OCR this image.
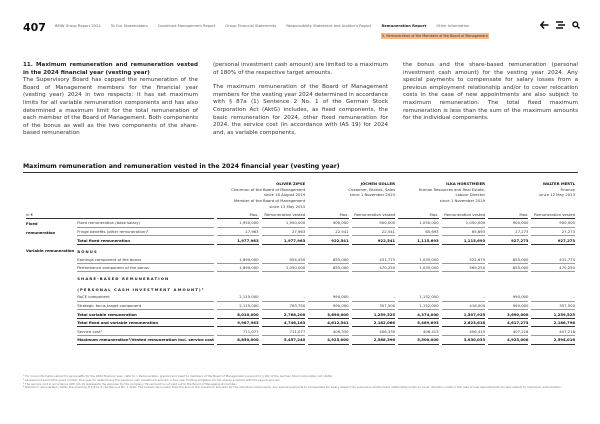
407 BMW Group Report 2024	To Our Stakeholders	Combined Management Report	Group Financial Statements	Responsibility Statement and Auditor's Report	Remuneration Report	Other Information
5. Remuneration of the Members of the Board of Management
11. Maximum remuneration and remuneration vested in the 2024 financial year (vesting year)
The Supervisory Board has capped the remuneration of the Board of Management members for the financial year (vesting year) 2024 in two respects: it has set maximum limits for all variable remuneration components and has also determined a maximum limit for the total remuneration of each member of the Board of Management. Both components of the bonus as well as the two components of the share-based remuneration

(personal investment cash amount) are limited to a maximum of 180% of the respective target amounts.

The maximum remuneration of the Board of Management members for the vesting year 2024 determined in accordance with § 87a (1) Sentence 2 No. 1 of the German Stock Corporation Act (AktG) includes, as fixed components, the basic remuneration for 2024, other fixed remuneration for 2024, the service cost (in accordance with IAS 19) for 2024 and, as variable components,

the bonus and the share-based remuneration (personal investment cash amount) for the vesting year 2024. Any special payments to compensate for salary losses from a previous employment relationship and/or to cover relocation costs in the case of new appointments are also subject to maximum remuneration. The total fixed maximum remuneration is less than the sum of the maximum amounts for the individual components.

Maximum remuneration and remuneration vested in the 2024 financial year (vesting year)

OLIVER ZIPSE
Chairman of the Board of Management
since 16 August 2019
Member of the Board of Management
since 13 May 2015

JOCHEN GOLLER
Customer, Brands, Sales
since 1 November 2023

ILKA HORSTMEIER
Human Resources and Real Estate,
Labour Director
since 1 November 2019

WALTER MERTL
Finance
since 12 May 2023

in €		Max.	Remuneration vested	Max.	Remuneration vested	Max.	Remuneration vested	Max.	Remuneration vested
Fixed	Fixed remuneration (base salary)	1,950,000	1,950,000	900,000	900,000	1,050,000	1,050,000	900,000	900,000
remuneration	Fringe benefits (other remuneration)¹	27,963	27,963	22,541	22,541	65,693	65,693	27,273	27,273
	Total fixed remuneration	1,977,963	1,977,963	922,541	922,541	1,115,693	1,115,693	927,273	927,273
Variable remuneration	BONUS								
	Earnings component of the bonus	1,890,000	954,450	855,000	431,775	1,035,000	522,675	855,000	431,775
	Performance component of the bonus	1,890,000	1,050,000	855,000	470,250	1,035,000	569,250	855,000	470,250
	SHARE-BASED REMUNERATION								
	(PERSONAL CASH INVESTMENT AMOUNT)²								
	RoCE component	2,115,000	–	990,000	–	1,152,000	–	990,000	–
	Strategic focus target component	2,115,000	763,750	990,000	357,500	1,152,000	416,000	990,000	357,500
	Total variable remuneration	8,010,000	2,768,200	3,690,000	1,259,525	4,374,000	1,507,925	3,690,000	1,259,525
	Total fixed and variable remuneration	9,987,963	4,746,163	4,612,541	2,182,066	5,489,693	2,623,618	4,617,273	2,186,798
	Service cost³	711,077	711,077	406,330	406,330	406,415	406,415	407,218	407,218
	Maximum remuneration⁴/Vested remuneration incl. service cost	8,850,000	5,457,240	4,925,000	2,588,396	5,500,000	3,030,033	4,925,000	2,594,016
¹ For more information about fringe benefits for the 2024 financial year, refer to ⇒ Remuneration granted and owed to members of the Board of Management pursuant to § 162 of the German Stock Corporation Act (AktG).
² Assessment period five years in total: One year for determining the personal cash investment amount, a four-year holding obligation for the shares acquired with the payout amount.
³ The service cost in accordance with IAS 19 represents the expense for the company; this amount is not paid out to the Board of Management member.
⁴ Maximum remuneration within the meaning of § 87a (1) Sentence 2 No. 1 AktG. The overall cap is lower than the sum of the maximum amounts for the individual components. Any special payments to compensate for salary losses from a previous employment relationship and/or to cover relocation costs in the case of new appointments are also subject to maximum remuneration.
